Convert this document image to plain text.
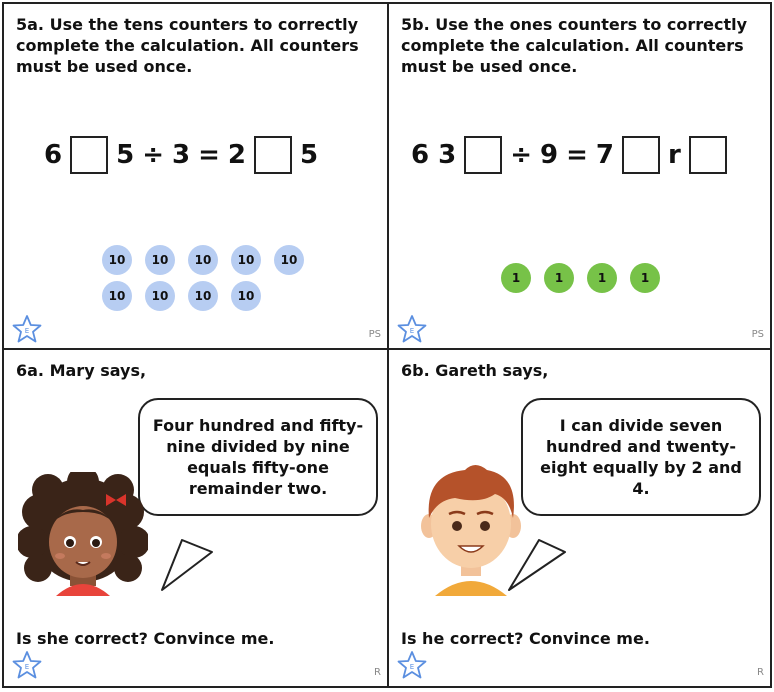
5a. Use the tens counters to correctly complete the calculation. All counters must be used once.
6 5 ÷ 3 = 2 5
10	10	10	10	10
10	10	10	10
E	PS
5b. Use the ones counters to correctly complete the calculation. All counters must be used once.
6 3 ÷ 9 = 7 r
1	1	1	1
E	PS
6a. Mary says,
Four hundred and fifty-nine divided by nine equals fifty-one remainder two.
Is she correct? Convince me.
E	R
6b. Gareth says,
I can divide seven hundred and twenty-eight equally by 2 and 4.
Is he correct? Convince me.
E	R
